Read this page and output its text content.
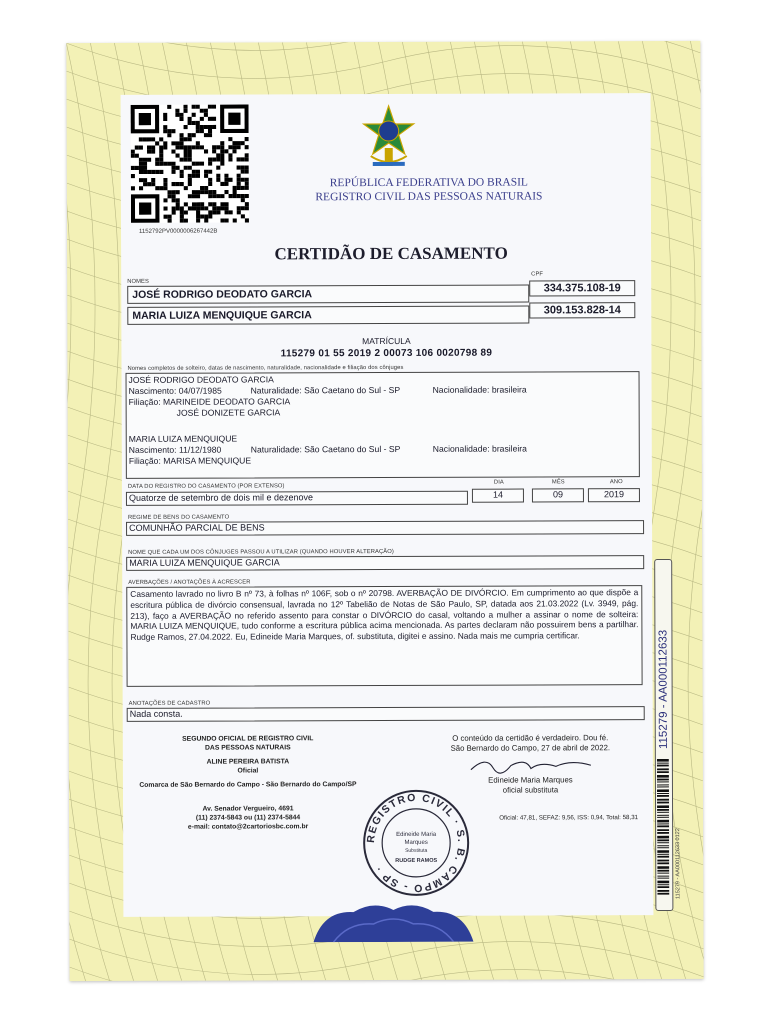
1152792PV0000006267442B
REPÚBLICA FEDERATIVA DO BRASIL
REGISTRO CIVIL DAS PESSOAS NATURAIS
CERTIDÃO DE CASAMENTO
NOMES
CPF
JOSÉ RODRIGO DEODATO GARCIA	334.375.108-19
MARIA LUIZA MENQUIQUE GARCIA	309.153.828-14
MATRÍCULA
115279 01 55 2019 2 00073 106 0020798 89
Nomes completos de solteiro, datas de nascimento, naturalidade, nacionalidade e filiação dos cônjuges
JOSÉ RODRIGO DEODATO GARCIA
Nascimento: 04/07/1985	Naturalidade: São Caetano do Sul - SP	Nacionalidade: brasileira
Filiação: MARINEIDE DEODATO GARCIA
JOSÉ DONIZETE GARCIA
MARIA LUIZA MENQUIQUE
Nascimento: 11/12/1980	Naturalidade: São Caetano do Sul - SP	Nacionalidade: brasileira
Filiação: MARISA MENQUIQUE
DATA DO REGISTRO DO CASAMENTO (POR EXTENSO)
DIA	MÊS	ANO
Quatorze de setembro de dois mil e dezenove	14	09	2019
REGIME DE BENS DO CASAMENTO
COMUNHÃO PARCIAL DE BENS
NOME QUE CADA UM DOS CÔNJUGES PASSOU A UTILIZAR (QUANDO HOUVER ALTERAÇÃO)
MARIA LUIZA MENQUIQUE GARCIA
AVERBAÇÕES / ANOTAÇÕES À ACRESCER
Casamento lavrado no livro B nº 73, à folhas nº 106F, sob o nº 20798. AVERBAÇÃO DE DIVÓRCIO. Em cumprimento ao que dispõe a escritura pública de divórcio consensual, lavrada no 12º Tabelião de Notas de São Paulo, SP, datada aos 21.03.2022 (Lv. 3949, pág. 213), faço a AVERBAÇÃO no referido assento para constar o DIVÓRCIO do casal, voltando a mulher a assinar o nome de solteira: MARIA LUIZA MENQUIQUE, tudo conforme a escritura pública acima mencionada. As partes declaram não possuirem bens a partilhar. Rudge Ramos, 27.04.2022. Eu, Edineide Maria Marques, of. substituta, digitei e assino. Nada mais me cumpria certificar.
ANOTAÇÕES DE CADASTRO
Nada consta.
SEGUNDO OFICIAL DE REGISTRO CIVIL
DAS PESSOAS NATURAIS
ALINE PEREIRA BATISTA
Oficial
Comarca de São Bernardo do Campo - São Bernardo do Campo/SP
Av. Senador Vergueiro, 4691
(11) 2374-5843 ou (11) 2374-5844
e-mail: contato@2cartoriosbc.com.br
O conteúdo da certidão é verdadeiro. Dou fé.
São Bernardo do Campo, 27 de abril de 2022.
Edineide Maria Marques
oficial substituta
Oficial: 47,81, SEFAZ: 9,56, ISS: 0,94, Total: 58,31
REGISTRO CIVIL · S. B. CAMPO - SP ·
Edineide Maria
Marques
Substituta
RUDGE RAMOS
115279 - AA000112633
115279 - AA000112633 0122
